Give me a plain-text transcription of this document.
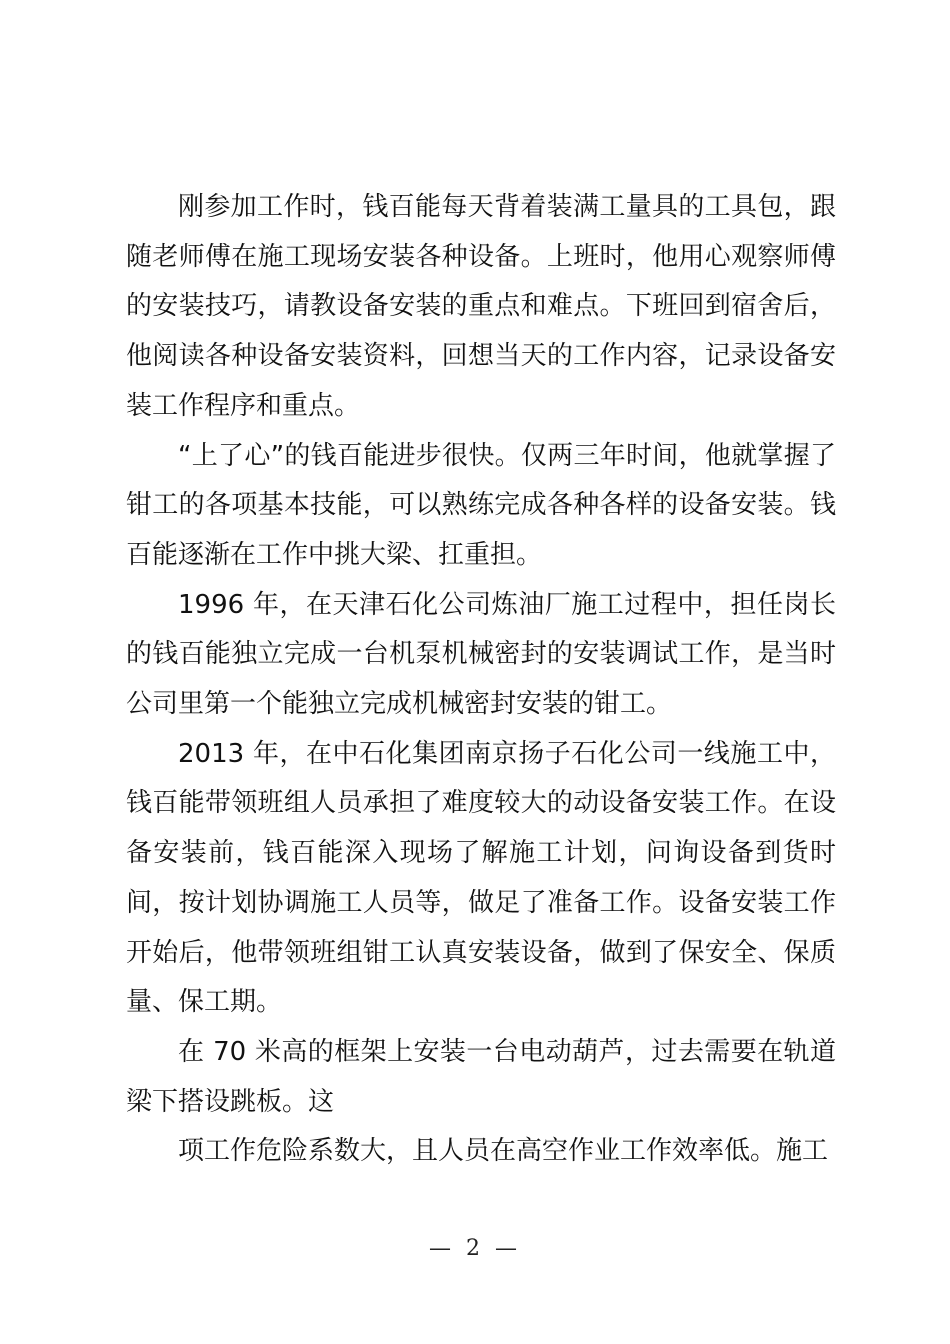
刚参加工作时，钱百能每天背着装满工量具的工具包，跟随老师傅在施工现场安装各种设备。上班时，他用心观察师傅的安装技巧，请教设备安装的重点和难点。下班回到宿舍后，他阅读各种设备安装资料，回想当天的工作内容，记录设备安装工作程序和重点。

“上了心”的钱百能进步很快。仅两三年时间，他就掌握了钳工的各项基本技能，可以熟练完成各种各样的设备安装。钱百能逐渐在工作中挑大梁、扛重担。

1996 年，在天津石化公司炼油厂施工过程中，担任岗长的钱百能独立完成一台机泵机械密封的安装调试工作，是当时公司里第一个能独立完成机械密封安装的钳工。

2013 年，在中石化集团南京扬子石化公司一线施工中，钱百能带领班组人员承担了难度较大的动设备安装工作。在设备安装前，钱百能深入现场了解施工计划，问询设备到货时间，按计划协调施工人员等，做足了准备工作。设备安装工作开始后，他带领班组钳工认真安装设备，做到了保安全、保质量、保工期。

在 70 米高的框架上安装一台电动葫芦，过去需要在轨道梁下搭设跳板。这

项工作危险系数大，且人员在高空作业工作效率低。施工

— 2 —
